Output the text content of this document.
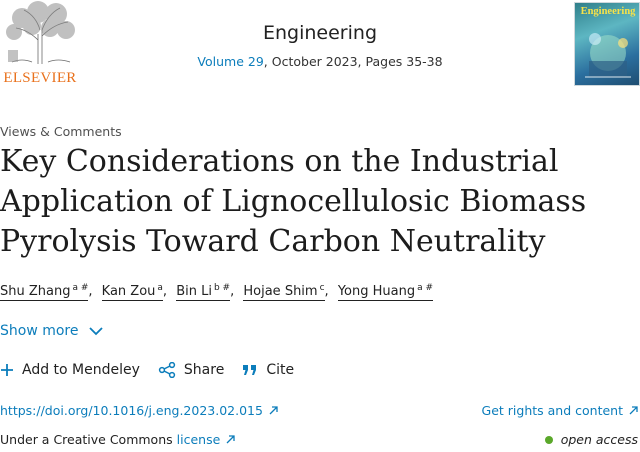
ELSEVIER
Engineering
Volume 29, October 2023, Pages 35-38
Engineering
Views & Comments
Key Considerations on the Industrial
Application of Lignocellulosic Biomass
Pyrolysis Toward Carbon Neutrality
Shu Zhang $^{a \#}$, Kan Zou $^a$, Bin Li $^{b \#}$, Hojae Shim $^c$, Yong Huang $^{a \#}$
Show more
Add to Mendeley	Share	Cite
https://doi.org/10.1016/j.eng.2023.02.015	Get rights and content
Under a Creative Commons license	open access
